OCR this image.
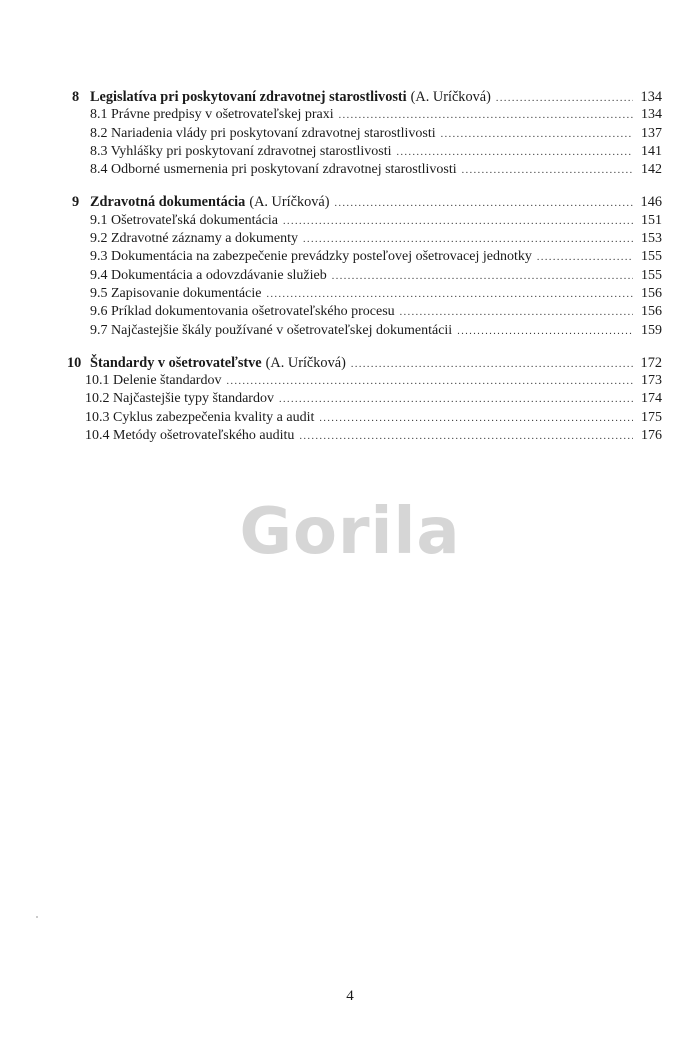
8 Legislatíva pri poskytovaní zdravotnej starostlivosti (A. Uríčková) .....	134
8.1 Právne predpisy v ošetrovateľskej praxi .....	134
8.2 Nariadenia vlády pri poskytovaní zdravotnej starostlivosti .....	137
8.3 Vyhlášky pri poskytovaní zdravotnej starostlivosti .....	141
8.4 Odborné usmernenia pri poskytovaní zdravotnej starostlivosti .....	142
9 Zdravotná dokumentácia (A. Uríčková) .....	146
9.1 Ošetrovateľská dokumentácia .....	151
9.2 Zdravotné záznamy a dokumenty .....	153
9.3 Dokumentácia na zabezpečenie prevádzky posteľovej ošetrovacej jednotky .....	155
9.4 Dokumentácia a odovzdávanie služieb .....	155
9.5 Zapisovanie dokumentácie .....	156
9.6 Príklad dokumentovania ošetrovateľského procesu .....	156
9.7 Najčastejšie škály používané v ošetrovateľskej dokumentácii .....	159
10 Štandardy v ošetrovateľstve (A. Uríčková) .....	172
10.1 Delenie štandardov .....	173
10.2 Najčastejšie typy štandardov .....	174
10.3 Cyklus zabezpečenia kvality a audit .....	175
10.4 Metódy ošetrovateľského auditu .....	176
Gorila
4
